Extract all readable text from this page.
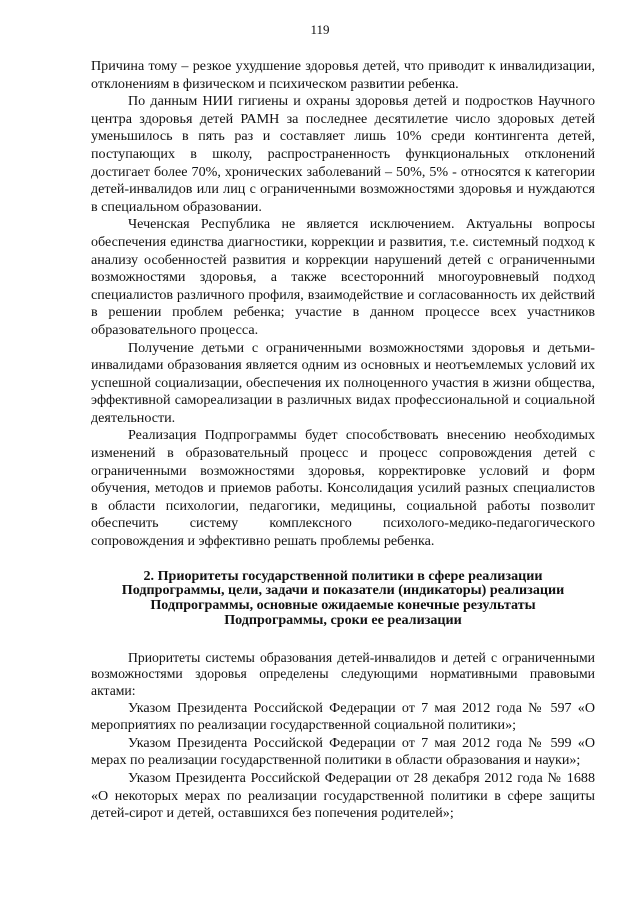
119

Причина тому – резкое ухудшение здоровья детей, что приводит к инвалидизации, отклонениям в физическом и психическом развитии ребенка.

По данным НИИ гигиены и охраны здоровья детей и подростков Научного центра здоровья детей РАМН за последнее десятилетие число здоровых детей уменьшилось в пять раз и составляет лишь 10% среди контингента детей, поступающих в школу, распространенность функциональных отклонений достигает более 70%, хронических заболеваний – 50%, 5% - относятся к категории детей-инвалидов или лиц с ограниченными возможностями здоровья и нуждаются в специальном образовании.

Чеченская Республика не является исключением. Актуальны вопросы обеспечения единства диагностики, коррекции и развития, т.е. системный подход к анализу особенностей развития и коррекции нарушений детей с ограниченными возможностями здоровья, а также всесторонний многоуровневый подход специалистов различного профиля, взаимодействие и согласованность их действий в решении проблем ребенка; участие в данном процессе всех участников образовательного процесса.

Получение детьми с ограниченными возможностями здоровья и детьми-инвалидами образования является одним из основных и неотъемлемых условий их успешной социализации, обеспечения их полноценного участия в жизни общества, эффективной самореализации в различных видах профессиональной и социальной деятельности.

Реализация Подпрограммы будет способствовать внесению необходимых изменений в образовательный процесс и процесс сопровождения детей с ограниченными возможностями здоровья, корректировке условий и форм обучения, методов и приемов работы. Консолидация усилий разных специалистов в области психологии, педагогики, медицины, социальной работы позволит обеспечить систему комплексного психолого-медико-педагогического сопровождения и эффективно решать проблемы ребенка.

2. Приоритеты государственной политики в сфере реализации
Подпрограммы, цели, задачи и показатели (индикаторы) реализации
Подпрограммы, основные ожидаемые конечные результаты
Подпрограммы, сроки ее реализации

Приоритеты системы образования детей-инвалидов и детей с ограниченными возможностями здоровья определены следующими нормативными правовыми актами:

Указом Президента Российской Федерации от 7 мая 2012 года № 597 «О мероприятиях по реализации государственной социальной политики»;

Указом Президента Российской Федерации от 7 мая 2012 года № 599 «О мерах по реализации государственной политики в области образования и науки»;

Указом Президента Российской Федерации от 28 декабря 2012 года № 1688 «О некоторых мерах по реализации государственной политики в сфере защиты детей-сирот и детей, оставшихся без попечения родителей»;
